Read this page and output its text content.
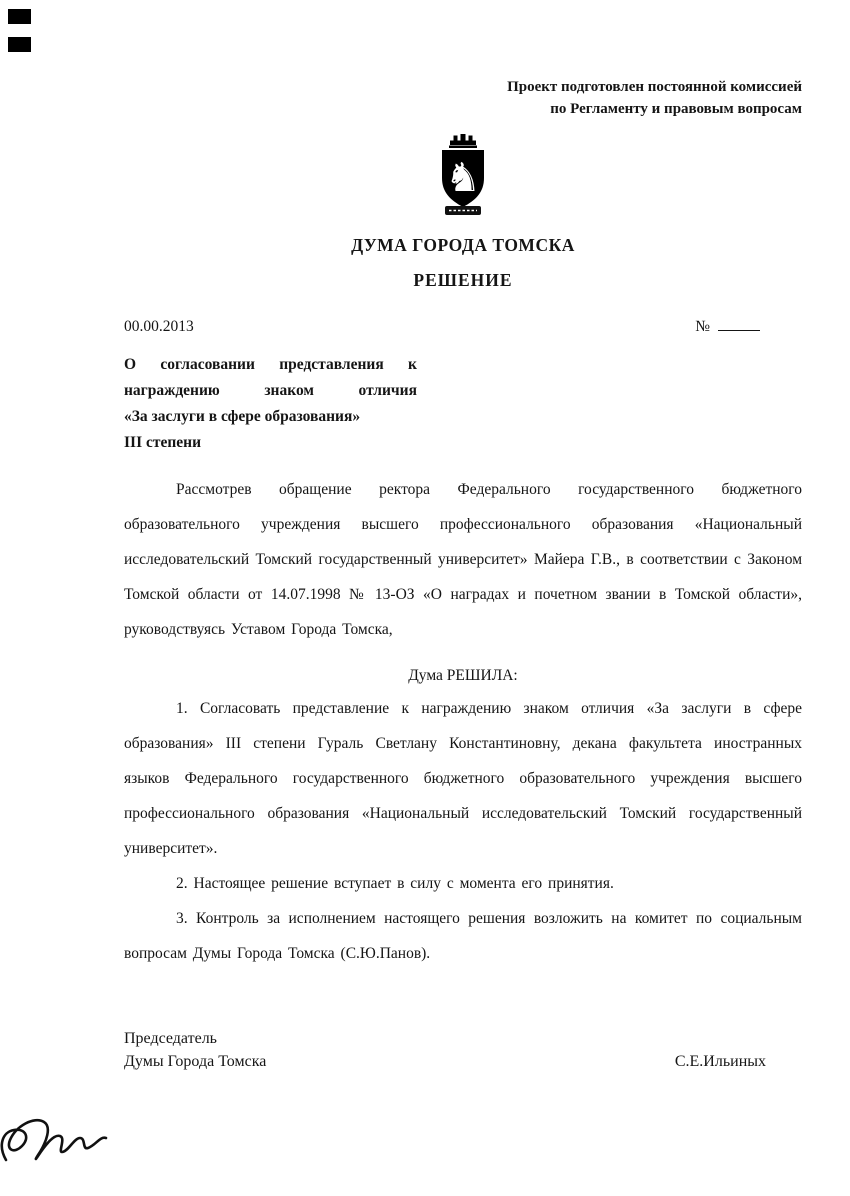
Проект подготовлен постоянной комиссией
по Регламенту и правовым вопросам
♞
ДУМА ГОРОДА ТОМСКА
РЕШЕНИЕ
00.00.2013	№
О согласовании представления к
награждению знаком отличия
«За заслуги в сфере образования»
III степени
Рассмотрев обращение ректора Федерального государственного бюджетного образовательного учреждения высшего профессионального образования «Национальный исследовательский Томский государственный университет» Майера Г.В., в соответствии с Законом Томской области от 14.07.1998 № 13-ОЗ «О наградах и почетном звании в Томской области», руководствуясь Уставом Города Томска,
Дума РЕШИЛА:
1. Согласовать представление к награждению знаком отличия «За заслуги в сфере образования» III степени Гураль Светлану Константиновну, декана факультета иностранных языков Федерального государственного бюджетного образовательного учреждения высшего профессионального образования «Национальный исследовательский Томский государственный университет».
2. Настоящее решение вступает в силу с момента его принятия.
3. Контроль за исполнением настоящего решения возложить на комитет по социальным вопросам Думы Города Томска (С.Ю.Панов).
Председатель
Думы Города Томска	С.Е.Ильиных
